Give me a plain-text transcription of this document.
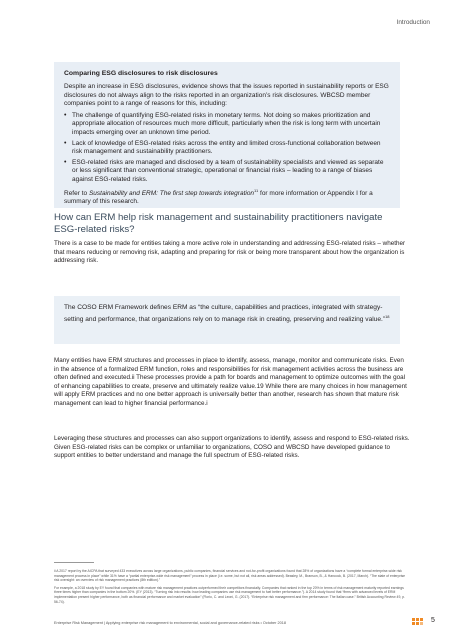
Introduction

Comparing ESG disclosures to risk disclosures

Despite an increase in ESG disclosures, evidence shows that the issues reported in sustainability reports or ESG disclosures do not always align to the risks reported in an organization’s risk disclosures. WBCSD member companies point to a range of reasons for this, including:

• The challenge of quantifying ESG-related risks in monetary terms. Not doing so makes prioritization and appropriate allocation of resources much more difficult, particularly when the risk is long term with uncertain impacts emerging over an unknown time period.
• Lack of knowledge of ESG-related risks across the entity and limited cross-functional collaboration between risk management and sustainability practitioners.
• ESG-related risks are managed and disclosed by a team of sustainability specialists and viewed as separate or less significant than conventional strategic, operational or financial risks – leading to a range of biases against ESG-related risks.

Refer to Sustainability and ERM: The first step towards integration$^{11}$ for more information or Appendix I for a summary of this research.

How can ERM help risk management and sustainability practitioners navigate ESG-related risks?

There is a case to be made for entities taking a more active role in understanding and addressing ESG-related risks – whether that means reducing or removing risk, adapting and preparing for risk or being more transparent about how the organization is addressing risk.

The COSO ERM Framework defines ERM as “the culture, capabilities and practices, integrated with strategy-setting and performance, that organizations rely on to manage risk in creating, preserving and realizing value.”$^{18}$

Many entities have ERM structures and processes in place to identify, assess, manage, monitor and communicate risks. Even in the absence of a formalized ERM function, roles and responsibilities for risk management activities across the business are often defined and executed.ii These processes provide a path for boards and management to optimize outcomes with the goal of enhancing capabilities to create, preserve and ultimately realize value.19 While there are many choices in how management will apply ERM practices and no one better approach is universally better than another, research has shown that mature risk management can lead to higher financial performance.i

Leveraging these structures and processes can also support organizations to identify, assess and respond to ESG-related risks. Given ESG-related risks can be complex or unfamiliar to organizations, COSO and WBCSD have developed guidance to support entities to better understand and manage the full spectrum of ESG-related risks.

ii A 2017 report by the AICPA that surveyed 433 executives across large organizations, public companies, financial services and not-for-profit organizations found that 28% of organizations have a “complete formal enterprise-wide risk management process in place” while 31% have a “partial enterprise-wide risk management” process in place (i.e. some, but not all, risk areas addressed). Beasley, M., Branson, B., & Hancock, B. (2017, March). “The state of enterprise risk oversight: an overview of risk management practices (8th edition).”

For example, a 2018 study by EY found that companies with mature risk management practices outperformed their competitors financially. Companies that ranked in the top 20% in terms of risk management maturity reported earnings three times higher than companies in the bottom 20%. (EY (2013). “Turning risk into results: how leading companies use risk management to fuel better performance.”). A 2014 study found that “firms with advanced levels of ERM implementation present higher performance, both as financial performance and market evaluation” (Florio, C. and Leoni, G. (2017). “Enterprise risk management and firm performance: The Italian case.” British Accounting Review 49, p. 56-74).

Enterprise Risk Management | Applying enterprise risk management to environmental, social and governance-related risks • October 2018	5
